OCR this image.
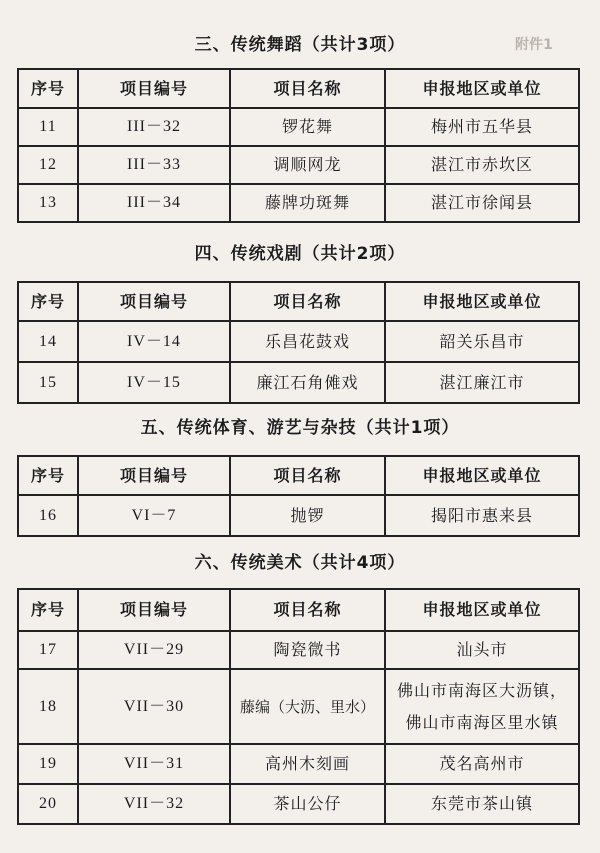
附件1
三、传统舞蹈（共计3项）
序号	项目编号	项目名称	申报地区或单位
11	III－32	锣花舞	梅州市五华县
12	III－33	调顺网龙	湛江市赤坎区
13	III－34	藤牌功斑舞	湛江市徐闻县
四、传统戏剧（共计2项）
序号	项目编号	项目名称	申报地区或单位
14	IV－14	乐昌花鼓戏	韶关乐昌市
15	IV－15	廉江石角傩戏	湛江廉江市
五、传统体育、游艺与杂技（共计1项）
序号	项目编号	项目名称	申报地区或单位
16	VI－7	抛锣	揭阳市惠来县
六、传统美术（共计4项）
序号	项目编号	项目名称	申报地区或单位
17	VII－29	陶瓷微书	汕头市
18	VII－30	藤编（大沥、里水）	佛山市南海区大沥镇，
佛山市南海区里水镇

19	VII－31	高州木刻画	茂名高州市
20	VII－32	茶山公仔	东莞市茶山镇
